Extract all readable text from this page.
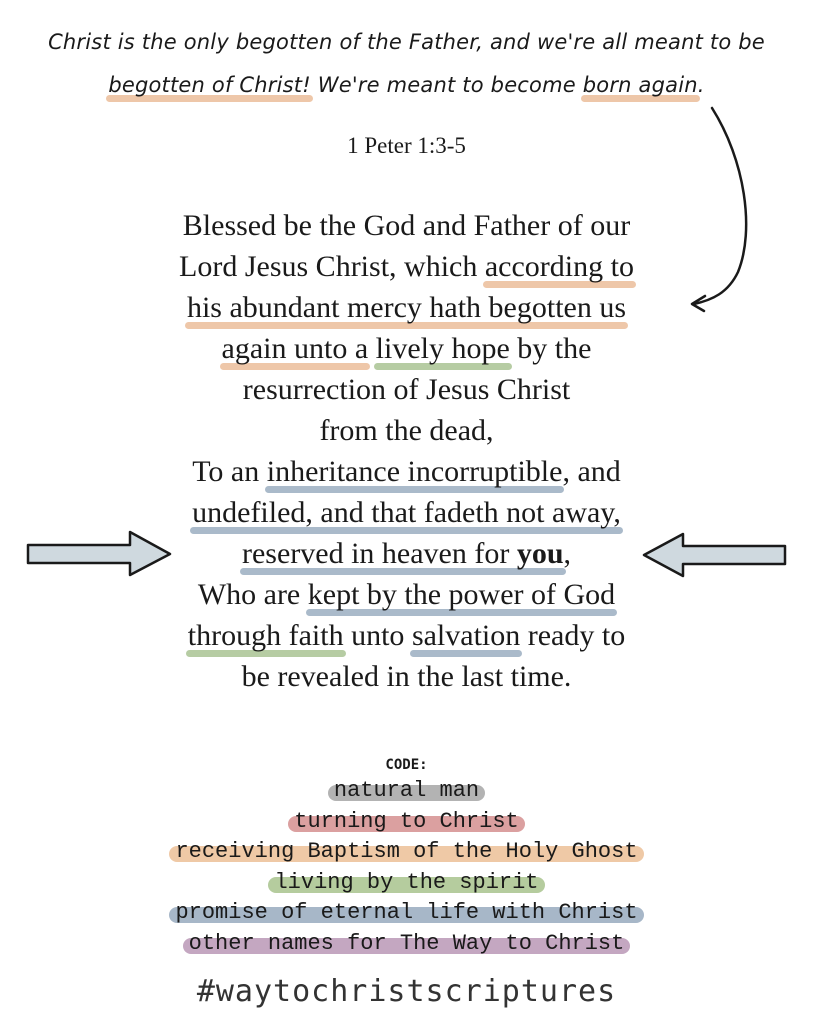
Christ is the only begotten of the Father, and we're all meant to be
begotten of Christ! We're meant to become born again.
1 Peter 1:3-5
Blessed be the God and Father of our
Lord Jesus Christ, which according to
his abundant mercy hath begotten us
again unto a lively hope by the
resurrection of Jesus Christ
from the dead,
To an inheritance incorruptible, and
undefiled, and that fadeth not away,
reserved in heaven for you,
Who are kept by the power of God
through faith unto salvation ready to
be revealed in the last time.
CODE:
natural man
turning to Christ
receiving Baptism of the Holy Ghost
living by the spirit
promise of eternal life with Christ
other names for The Way to Christ
#waytochristscriptures
